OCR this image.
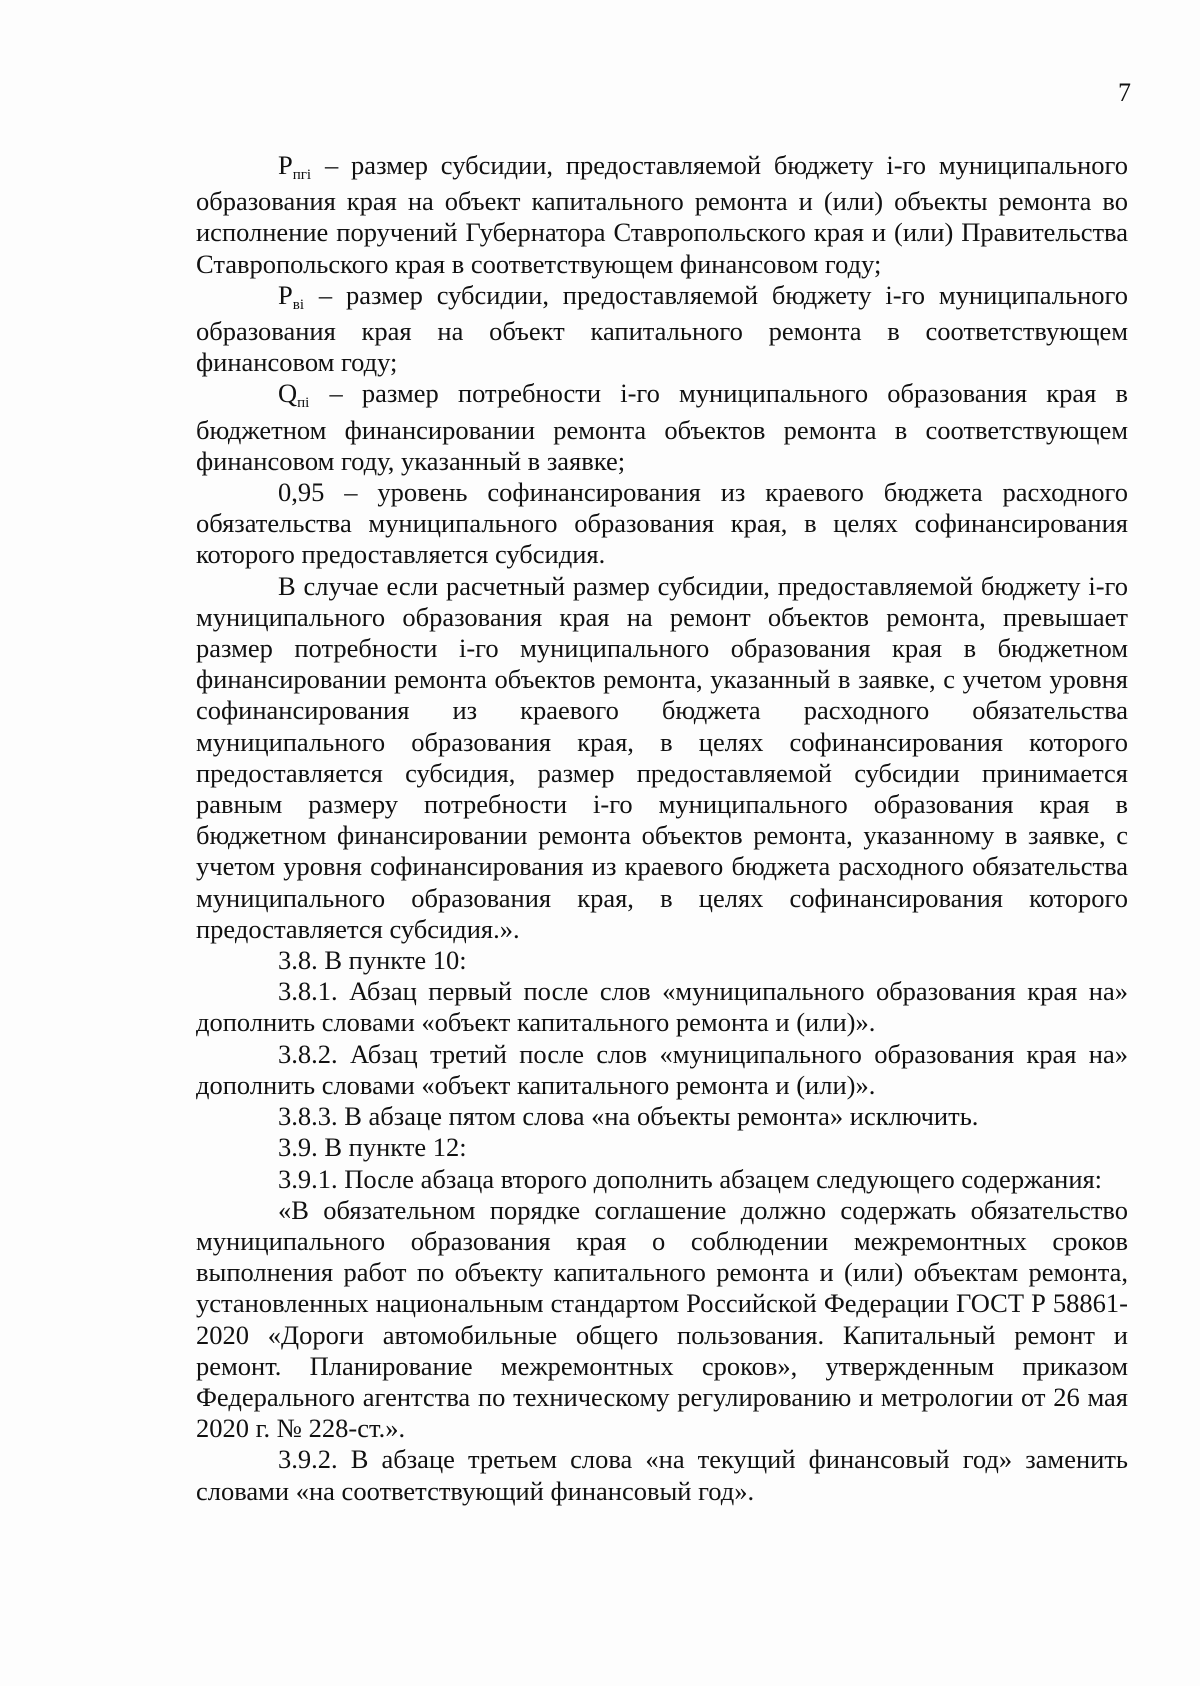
7

Pпгi – размер субсидии, предоставляемой бюджету i-го муниципального образования края на объект капитального ремонта и (или) объекты ремонта во исполнение поручений Губернатора Ставропольского края и (или) Правительства Ставропольского края в соответствующем финансовом году;

Pвi – размер субсидии, предоставляемой бюджету i-го муниципального образования края на объект капитального ремонта в соответствующем финансовом году;

Qпi – размер потребности i-го муниципального образования края в бюджетном финансировании ремонта объектов ремонта в соответствующем финансовом году, указанный в заявке;

0,95 – уровень софинансирования из краевого бюджета расходного обязательства муниципального образования края, в целях софинансирования которого предоставляется субсидия.

В случае если расчетный размер субсидии, предоставляемой бюджету i-го муниципального образования края на ремонт объектов ремонта, превышает размер потребности i-го муниципального образования края в бюджетном финансировании ремонта объектов ремонта, указанный в заявке, с учетом уровня софинансирования из краевого бюджета расходного обязательства муниципального образования края, в целях софинансирования которого предоставляется субсидия, размер предоставляемой субсидии принимается равным размеру потребности i-го муниципального образования края в бюджетном финансировании ремонта объектов ремонта, указанному в заявке, с учетом уровня софинансирования из краевого бюджета расходного обязательства муниципального образования края, в целях софинансирования которого предоставляется субсидия.».

3.8. В пункте 10:

3.8.1. Абзац первый после слов «муниципального образования края на» дополнить словами «объект капитального ремонта и (или)».

3.8.2. Абзац третий после слов «муниципального образования края на» дополнить словами «объект капитального ремонта и (или)».

3.8.3. В абзаце пятом слова «на объекты ремонта» исключить.

3.9. В пункте 12:

3.9.1. После абзаца второго дополнить абзацем следующего содержания:

«В обязательном порядке соглашение должно содержать обязательство муниципального образования края о соблюдении межремонтных сроков выполнения работ по объекту капитального ремонта и (или) объектам ремонта, установленных национальным стандартом Российской Федерации ГОСТ Р 58861-2020 «Дороги автомобильные общего пользования. Капитальный ремонт и ремонт. Планирование межремонтных сроков», утвержденным приказом Федерального агентства по техническому регулированию и метрологии от 26 мая 2020 г. № 228-ст.».

3.9.2. В абзаце третьем слова «на текущий финансовый год» заменить словами «на соответствующий финансовый год».
